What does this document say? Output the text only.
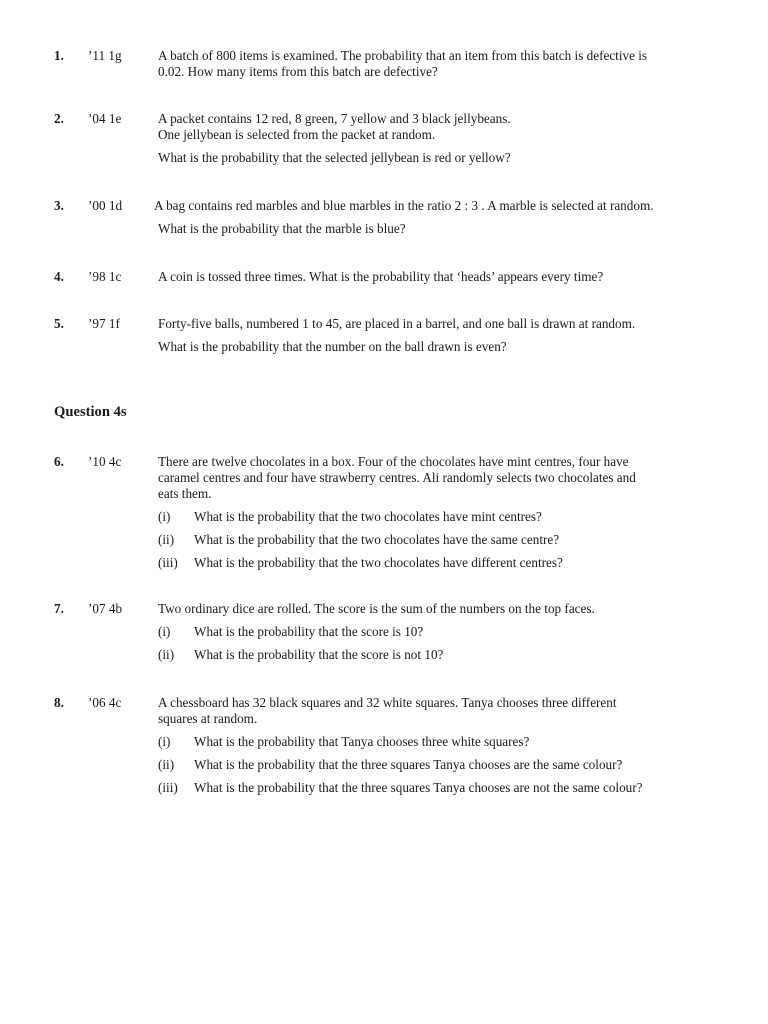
1. ’11 1g	A batch of 800 items is examined. The probability that an item from this batch is defective is
0.02. How many items from this batch are defective?
2. ’04 1e	A packet contains 12 red, 8 green, 7 yellow and 3 black jellybeans.
One jellybean is selected from the packet at random.
What is the probability that the selected jellybean is red or yellow?
3. ’00 1d A bag contains red marbles and blue marbles in the ratio 2 : 3 . A marble is selected at random.
What is the probability that the marble is blue?
4. ’98 1c	A coin is tossed three times. What is the probability that ‘heads’ appears every time?
5. ’97 1f	Forty-five balls, numbered 1 to 45, are placed in a barrel, and one ball is drawn at random.
What is the probability that the number on the ball drawn is even?
Question 4s
6. ’10 4c	There are twelve chocolates in a box. Four of the chocolates have mint centres, four have
caramel centres and four have strawberry centres. Ali randomly selects two chocolates and
eats them.
(i) What is the probability that the two chocolates have mint centres?
(ii) What is the probability that the two chocolates have the same centre?
(iii) What is the probability that the two chocolates have different centres?
7. ’07 4b	Two ordinary dice are rolled. The score is the sum of the numbers on the top faces.
(i) What is the probability that the score is 10?
(ii) What is the probability that the score is not 10?
8. ’06 4c	A chessboard has 32 black squares and 32 white squares. Tanya chooses three different
squares at random.
(i) What is the probability that Tanya chooses three white squares?
(ii) What is the probability that the three squares Tanya chooses are the same colour?
(iii) What is the probability that the three squares Tanya chooses are not the same colour?
